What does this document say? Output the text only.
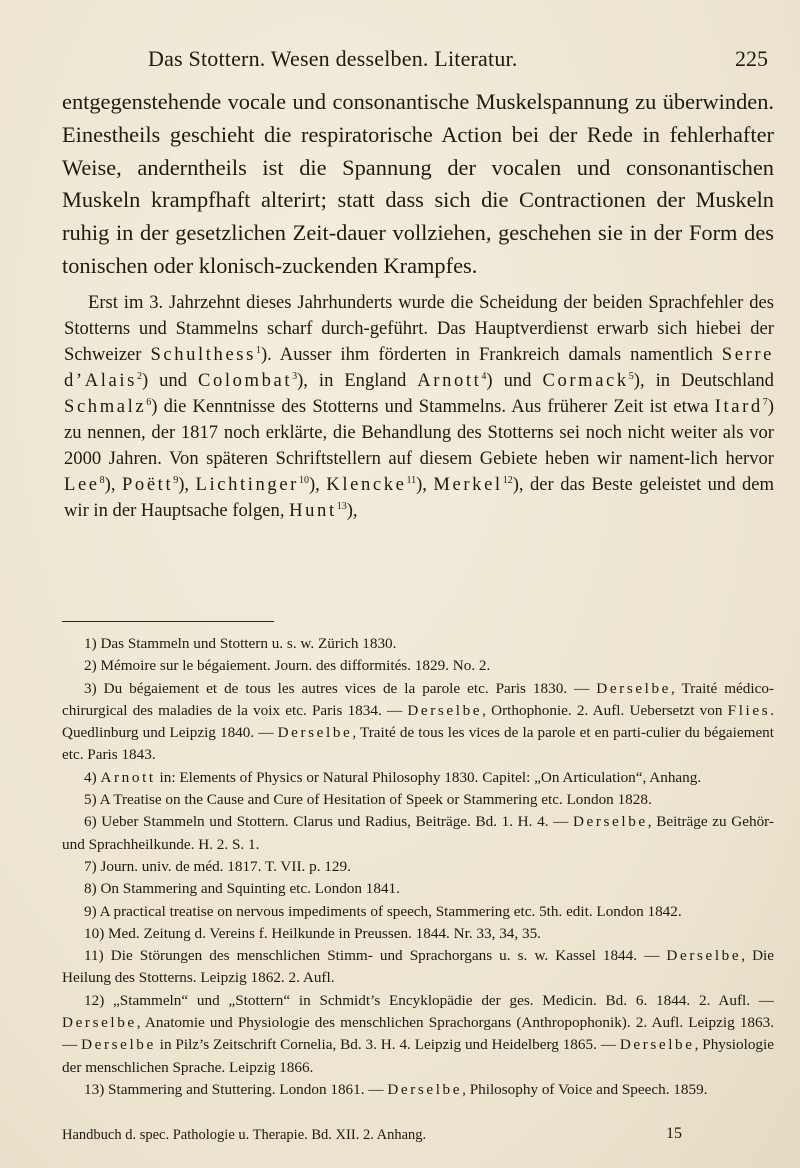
Das Stottern. Wesen desselben. Literatur.	225

entgegenstehende vocale und consonantische Muskelspannung zu überwinden. Einestheils geschieht die respiratorische Action bei der Rede in fehlerhafter Weise, anderntheils ist die Spannung der vocalen und consonantischen Muskeln krampfhaft alterirt; statt dass sich die Contractionen der Muskeln ruhig in der gesetzlichen Zeit-dauer vollziehen, geschehen sie in der Form des tonischen oder klonisch-zuckenden Krampfes.

Erst im 3. Jahrzehnt dieses Jahrhunderts wurde die Scheidung der beiden Sprachfehler des Stotterns und Stammelns scharf durch-geführt. Das Hauptverdienst erwarb sich hiebei der Schweizer Schulthess$^1$). Ausser ihm förderten in Frankreich damals namentlich Serre d’Alais$^2$) und Colombat$^3$), in England Arnott$^4$) und Cormack$^5$), in Deutschland Schmalz$^6$) die Kenntnisse des Stotterns und Stammelns. Aus früherer Zeit ist etwa Itard$^7$) zu nennen, der 1817 noch erklärte, die Behandlung des Stotterns sei noch nicht weiter als vor 2000 Jahren. Von späteren Schriftstellern auf diesem Gebiete heben wir nament-lich hervor Lee$^8$), Poëtt$^9$), Lichtinger$^{10}$), Klencke$^{11}$), Merkel$^{12}$), der das Beste geleistet und dem wir in der Hauptsache folgen, Hunt$^{13}$),

1) Das Stammeln und Stottern u. s. w. Zürich 1830.

2) Mémoire sur le bégaiement. Journ. des difformités. 1829. No. 2.

3) Du bégaiement et de tous les autres vices de la parole etc. Paris 1830. — Derselbe, Traité médico-chirurgical des maladies de la voix etc. Paris 1834. — Derselbe, Orthophonie. 2. Aufl. Uebersetzt von Flies. Quedlinburg und Leipzig 1840. — Derselbe, Traité de tous les vices de la parole et en parti-culier du bégaiement etc. Paris 1843.

4) Arnott in: Elements of Physics or Natural Philosophy 1830. Capitel: „On Articulation“, Anhang.

5) A Treatise on the Cause and Cure of Hesitation of Speek or Stammering etc. London 1828.

6) Ueber Stammeln und Stottern. Clarus und Radius, Beiträge. Bd. 1. H. 4. — Derselbe, Beiträge zu Gehör- und Sprachheilkunde. H. 2. S. 1.

7) Journ. univ. de méd. 1817. T. VII. p. 129.

8) On Stammering and Squinting etc. London 1841.

9) A practical treatise on nervous impediments of speech, Stammering etc. 5th. edit. London 1842.

10) Med. Zeitung d. Vereins f. Heilkunde in Preussen. 1844. Nr. 33, 34, 35.

11) Die Störungen des menschlichen Stimm- und Sprachorgans u. s. w. Kassel 1844. — Derselbe, Die Heilung des Stotterns. Leipzig 1862. 2. Aufl.

12) „Stammeln“ und „Stottern“ in Schmidt’s Encyklopädie der ges. Medicin. Bd. 6. 1844. 2. Aufl. — Derselbe, Anatomie und Physiologie des menschlichen Sprachorgans (Anthropophonik). 2. Aufl. Leipzig 1863. — Derselbe in Pilz’s Zeitschrift Cornelia, Bd. 3. H. 4. Leipzig und Heidelberg 1865. — Derselbe, Physiologie der menschlichen Sprache. Leipzig 1866.

13) Stammering and Stuttering. London 1861. — Derselbe, Philosophy of Voice and Speech. 1859.

Handbuch d. spec. Pathologie u. Therapie. Bd. XII. 2. Anhang.	15
